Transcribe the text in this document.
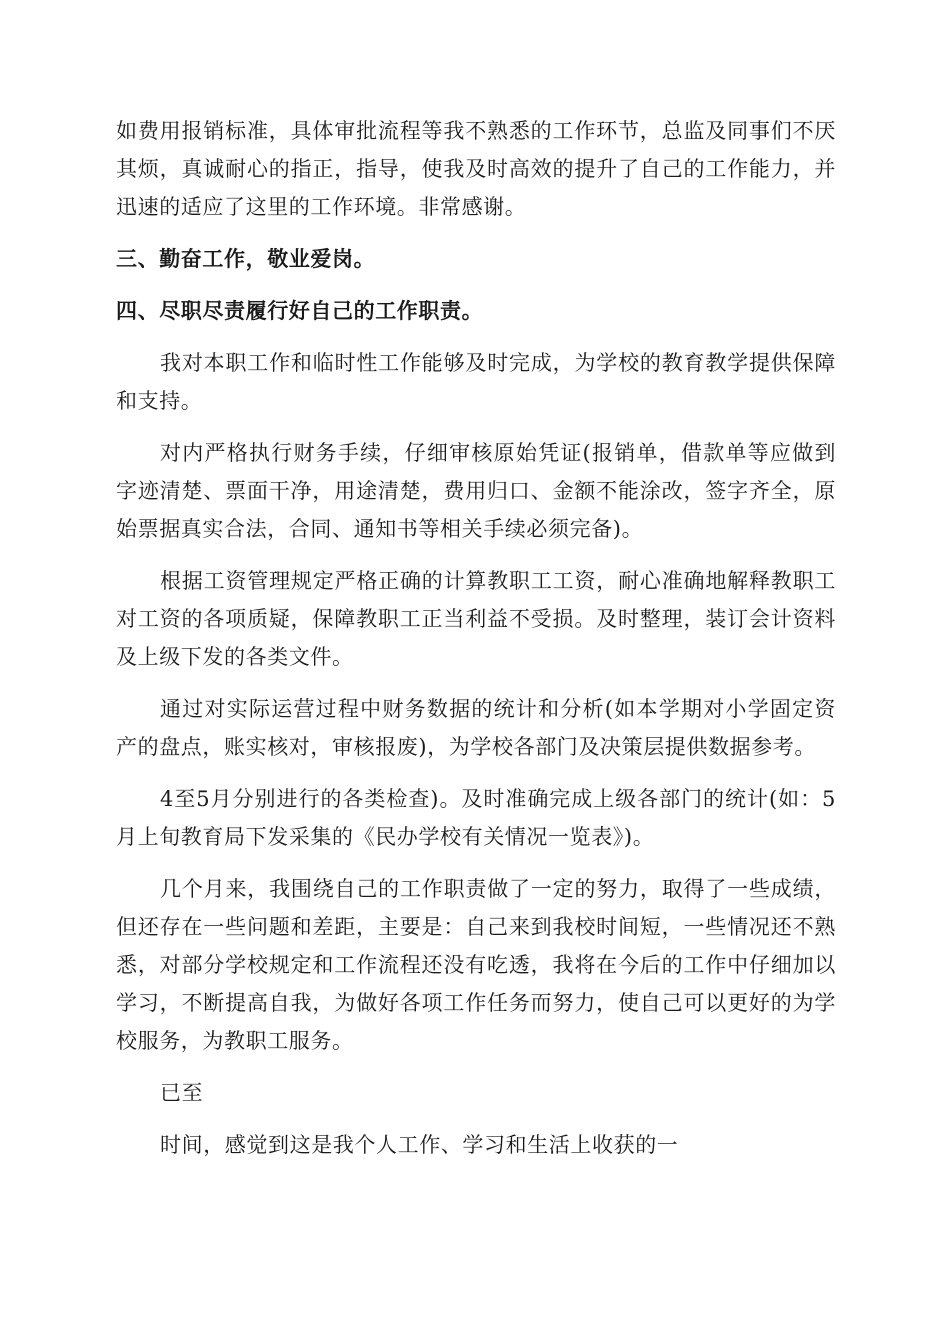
如费用报销标准，具体审批流程等我不熟悉的工作环节，总监及同事们不厌其烦，真诚耐心的指正，指导，使我及时高效的提升了自己的工作能力，并迅速的适应了这里的工作环境。非常感谢。

三、勤奋工作，敬业爱岗。

四、尽职尽责履行好自己的工作职责。

我对本职工作和临时性工作能够及时完成，为学校的教育教学提供保障和支持。

对内严格执行财务手续，仔细审核原始凭证(报销单，借款单等应做到字迹清楚、票面干净，用途清楚，费用归口、金额不能涂改，签字齐全，原始票据真实合法，合同、通知书等相关手续必须完备)。

根据工资管理规定严格正确的计算教职工工资，耐心准确地解释教职工对工资的各项质疑，保障教职工正当利益不受损。及时整理，装订会计资料及上级下发的各类文件。

通过对实际运营过程中财务数据的统计和分析(如本学期对小学固定资产的盘点，账实核对，审核报废)，为学校各部门及决策层提供数据参考。

4至5月分别进行的各类检查)。及时准确完成上级各部门的统计(如：5月上旬教育局下发采集的《民办学校有关情况一览表》)。

几个月来，我围绕自己的工作职责做了一定的努力，取得了一些成绩，但还存在一些问题和差距，主要是：自己来到我校时间短，一些情况还不熟悉，对部分学校规定和工作流程还没有吃透，我将在今后的工作中仔细加以学习，不断提高自我，为做好各项工作任务而努力，使自己可以更好的为学校服务，为教职工服务。

已至

时间，感觉到这是我个人工作、学习和生活上收获的一
